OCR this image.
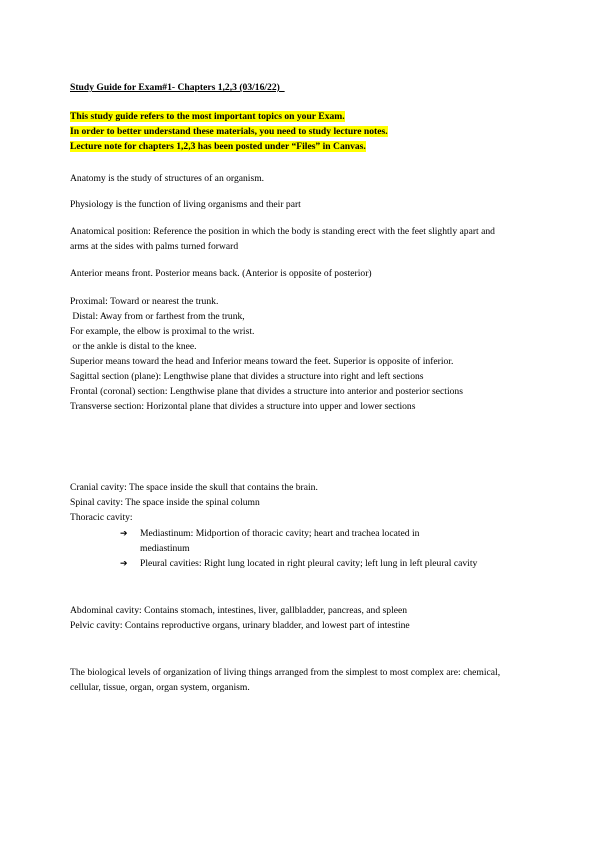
Study Guide for Exam#1- Chapters 1,2,3 (03/16/22)
This study guide refers to the most important topics on your Exam.
In order to better understand these materials, you need to study lecture notes.
Lecture note for chapters 1,2,3 has been posted under “Files” in Canvas.
Anatomy is the study of structures of an organism.
Physiology is the function of living organisms and their part
Anatomical position: Reference the position in which the body is standing erect with the feet slightly apart and arms at the sides with palms turned forward
Anterior means front. Posterior means back. (Anterior is opposite of posterior)
Proximal: Toward or nearest the trunk.
Distal: Away from or farthest from the trunk,
For example, the elbow is proximal to the wrist.
or the ankle is distal to the knee.
Superior means toward the head and Inferior means toward the feet. Superior is opposite of inferior.
Sagittal section (plane): Lengthwise plane that divides a structure into right and left sections
Frontal (coronal) section: Lengthwise plane that divides a structure into anterior and posterior sections
Transverse section: Horizontal plane that divides a structure into upper and lower sections
Cranial cavity: The space inside the skull that contains the brain.
Spinal cavity: The space inside the spinal column
Thoracic cavity:
➔ Mediastinum: Midportion of thoracic cavity; heart and trachea located in mediastinum
➔ Pleural cavities: Right lung located in right pleural cavity; left lung in left pleural cavity
Abdominal cavity: Contains stomach, intestines, liver, gallbladder, pancreas, and spleen
Pelvic cavity: Contains reproductive organs, urinary bladder, and lowest part of intestine
The biological levels of organization of living things arranged from the simplest to most complex are: chemical, cellular, tissue, organ, organ system, organism.
